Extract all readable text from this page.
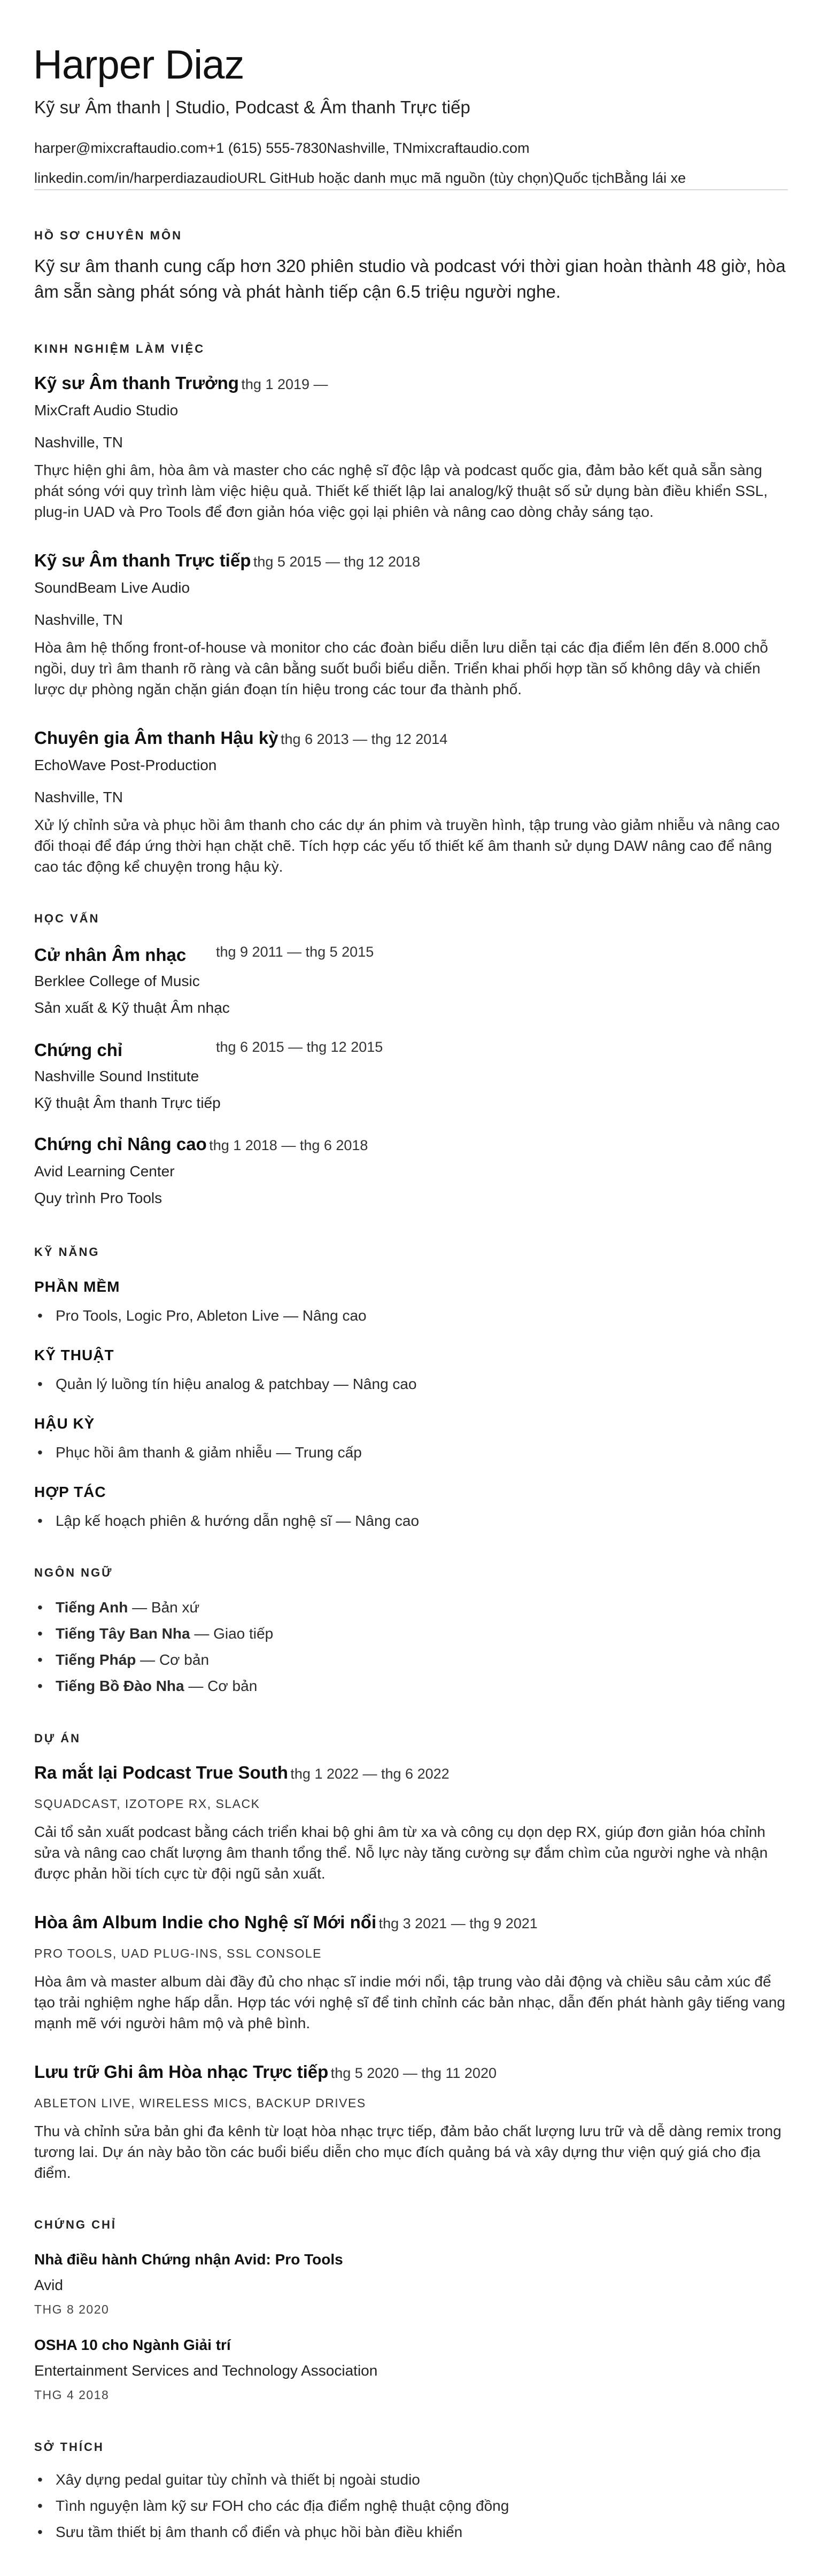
Harper Diaz
Kỹ sư Âm thanh | Studio, Podcast & Âm thanh Trực tiếp
harper@mixcraftaudio.com+1 (615) 555-7830Nashville, TNmixcraftaudio.com
linkedin.com/in/harperdiazaudioURL GitHub hoặc danh mục mã nguồn (tùy chọn)Quốc tịchBằng lái xe
HỒ SƠ CHUYÊN MÔN
Kỹ sư âm thanh cung cấp hơn 320 phiên studio và podcast với thời gian hoàn thành 48 giờ, hòa âm sẵn sàng phát sóng và phát hành tiếp cận 6.5 triệu người nghe.
KINH NGHIỆM LÀM VIỆC
Kỹ sư Âm thanh Trưởng thg 1 2019 —
MixCraft Audio Studio
Nashville, TN
Thực hiện ghi âm, hòa âm và master cho các nghệ sĩ độc lập và podcast quốc gia, đảm bảo kết quả sẵn sàng phát sóng với quy trình làm việc hiệu quả. Thiết kế thiết lập lai analog/kỹ thuật số sử dụng bàn điều khiển SSL, plug-in UAD và Pro Tools để đơn giản hóa việc gọi lại phiên và nâng cao dòng chảy sáng tạo.
Kỹ sư Âm thanh Trực tiếp thg 5 2015 — thg 12 2018
SoundBeam Live Audio
Nashville, TN
Hòa âm hệ thống front-of-house và monitor cho các đoàn biểu diễn lưu diễn tại các địa điểm lên đến 8.000 chỗ ngồi, duy trì âm thanh rõ ràng và cân bằng suốt buổi biểu diễn. Triển khai phối hợp tần số không dây và chiến lược dự phòng ngăn chặn gián đoạn tín hiệu trong các tour đa thành phố.
Chuyên gia Âm thanh Hậu kỳ thg 6 2013 — thg 12 2014
EchoWave Post-Production
Nashville, TN
Xử lý chỉnh sửa và phục hồi âm thanh cho các dự án phim và truyền hình, tập trung vào giảm nhiễu và nâng cao đối thoại để đáp ứng thời hạn chặt chẽ. Tích hợp các yếu tố thiết kế âm thanh sử dụng DAW nâng cao để nâng cao tác động kể chuyện trong hậu kỳ.
HỌC VẤN
Cử nhân Âm nhạc thg 9 2011 — thg 5 2015
Berklee College of Music
Sản xuất & Kỹ thuật Âm nhạc
Chứng chỉ	thg 6 2015 — thg 12 2015
Nashville Sound Institute
Kỹ thuật Âm thanh Trực tiếp
Chứng chỉ Nâng cao thg 1 2018 — thg 6 2018
Avid Learning Center
Quy trình Pro Tools
KỸ NĂNG
PHẦN MỀM
• Pro Tools, Logic Pro, Ableton Live — Nâng cao
KỸ THUẬT
• Quản lý luồng tín hiệu analog & patchbay — Nâng cao
HẬU KỲ
• Phục hồi âm thanh & giảm nhiễu — Trung cấp
HỢP TÁC
• Lập kế hoạch phiên & hướng dẫn nghệ sĩ — Nâng cao
NGÔN NGỮ
• Tiếng Anh — Bản xứ
• Tiếng Tây Ban Nha — Giao tiếp
• Tiếng Pháp — Cơ bản
• Tiếng Bồ Đào Nha — Cơ bản
DỰ ÁN
Ra mắt lại Podcast True South thg 1 2022 — thg 6 2022
SQUADCAST, IZOTOPE RX, SLACK
Cải tổ sản xuất podcast bằng cách triển khai bộ ghi âm từ xa và công cụ dọn dẹp RX, giúp đơn giản hóa chỉnh sửa và nâng cao chất lượng âm thanh tổng thể. Nỗ lực này tăng cường sự đắm chìm của người nghe và nhận được phản hồi tích cực từ đội ngũ sản xuất.
Hòa âm Album Indie cho Nghệ sĩ Mới nổi thg 3 2021 — thg 9 2021
PRO TOOLS, UAD PLUG-INS, SSL CONSOLE
Hòa âm và master album dài đầy đủ cho nhạc sĩ indie mới nổi, tập trung vào dải động và chiều sâu cảm xúc để tạo trải nghiệm nghe hấp dẫn. Hợp tác với nghệ sĩ để tinh chỉnh các bản nhạc, dẫn đến phát hành gây tiếng vang mạnh mẽ với người hâm mộ và phê bình.
Lưu trữ Ghi âm Hòa nhạc Trực tiếp thg 5 2020 — thg 11 2020
ABLETON LIVE, WIRELESS MICS, BACKUP DRIVES
Thu và chỉnh sửa bản ghi đa kênh từ loạt hòa nhạc trực tiếp, đảm bảo chất lượng lưu trữ và dễ dàng remix trong tương lai. Dự án này bảo tồn các buổi biểu diễn cho mục đích quảng bá và xây dựng thư viện quý giá cho địa điểm.
CHỨNG CHỈ
Nhà điều hành Chứng nhận Avid: Pro Tools
Avid
THG 8 2020
OSHA 10 cho Ngành Giải trí
Entertainment Services and Technology Association
THG 4 2018
SỞ THÍCH
• Xây dựng pedal guitar tùy chỉnh và thiết bị ngoài studio
• Tình nguyện làm kỹ sư FOH cho các địa điểm nghệ thuật cộng đồng
• Sưu tầm thiết bị âm thanh cổ điển và phục hồi bàn điều khiển
